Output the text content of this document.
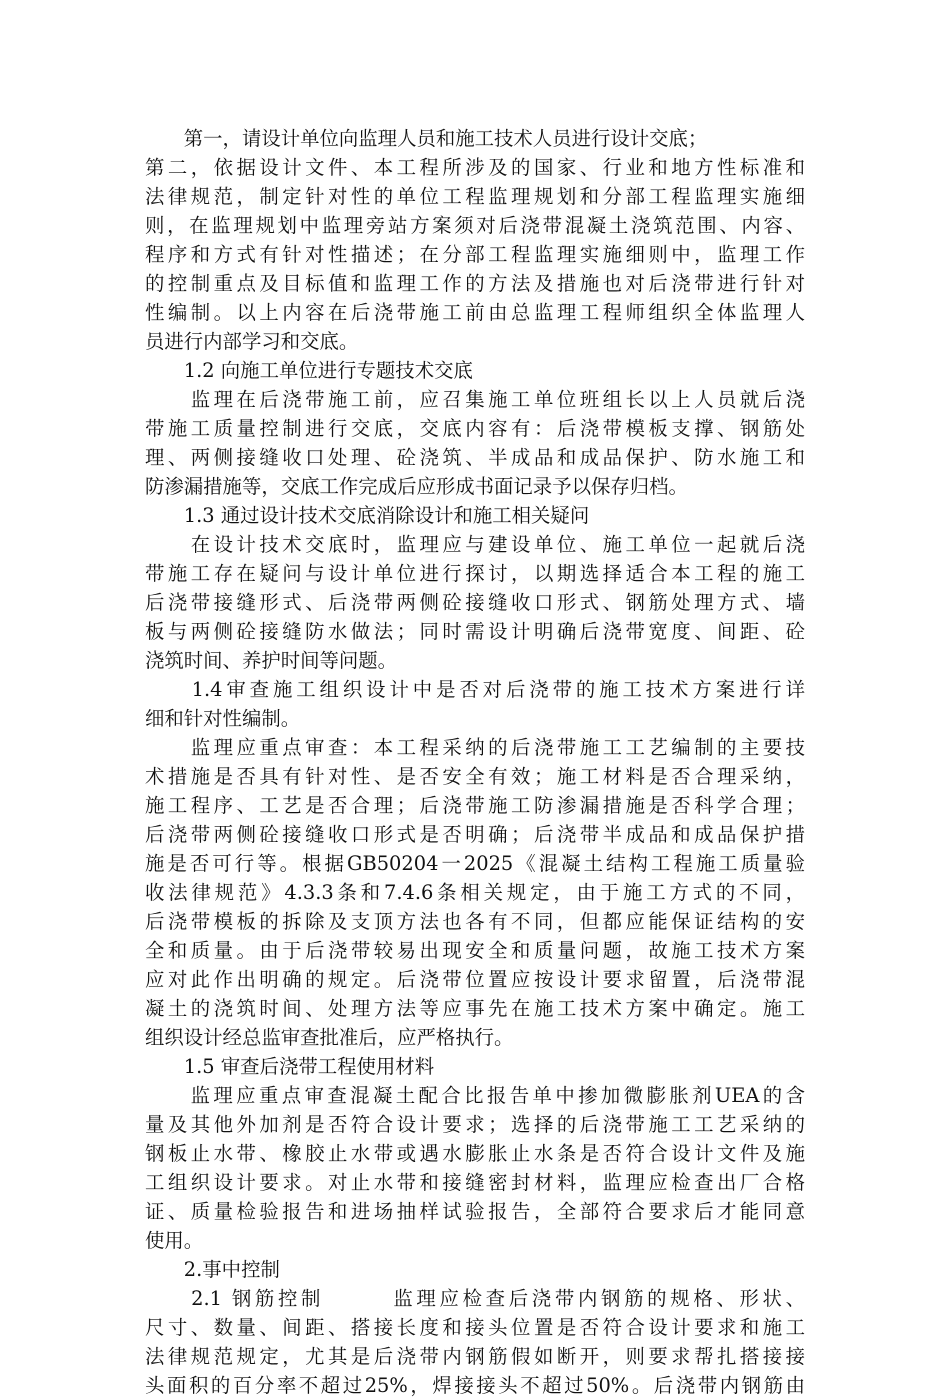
　　第一，请设计单位向监理人员和施工技术人员进行设计交底；
第二，依据设计文件、本工程所涉及的国家、行业和地方性标准和
法律规范，制定针对性的单位工程监理规划和分部工程监理实施细
则，在监理规划中监理旁站方案须对后浇带混凝土浇筑范围、内容、
程序和方式有针对性描述；在分部工程监理实施细则中，监理工作
的控制重点及目标值和监理工作的方法及措施也对后浇带进行针对
性编制。以上内容在后浇带施工前由总监理工程师组织全体监理人
员进行内部学习和交底。
　　1.2 向施工单位进行专题技术交底
　　监理在后浇带施工前，应召集施工单位班组长以上人员就后浇
带施工质量控制进行交底，交底内容有：后浇带模板支撑、钢筋处
理、两侧接缝收口处理、砼浇筑、半成品和成品保护、防水施工和
防渗漏措施等，交底工作完成后应形成书面记录予以保存归档。
　　1.3 通过设计技术交底消除设计和施工相关疑问
　　在设计技术交底时，监理应与建设单位、施工单位一起就后浇
带施工存在疑问与设计单位进行探讨，以期选择适合本工程的施工
后浇带接缝形式、后浇带两侧砼接缝收口形式、钢筋处理方式、墙
板与两侧砼接缝防水做法；同时需设计明确后浇带宽度、间距、砼
浇筑时间、养护时间等问题。
　　1.4审查施工组织设计中是否对后浇带的施工技术方案进行详
细和针对性编制。
　　监理应重点审查：本工程采纳的后浇带施工工艺编制的主要技
术措施是否具有针对性、是否安全有效；施工材料是否合理采纳，
施工程序、工艺是否合理；后浇带施工防渗漏措施是否科学合理；
后浇带两侧砼接缝收口形式是否明确；后浇带半成品和成品保护措
施是否可行等。根据GB50204一2025《混凝土结构工程施工质量验
收法律规范》4.3.3条和7.4.6条相关规定，由于施工方式的不同，
后浇带模板的拆除及支顶方法也各有不同，但都应能保证结构的安
全和质量。由于后浇带较易出现安全和质量问题，故施工技术方案
应对此作出明确的规定。后浇带位置应按设计要求留置，后浇带混
凝土的浇筑时间、处理方法等应事先在施工技术方案中确定。施工
组织设计经总监审查批准后，应严格执行。
　　1.5 审查后浇带工程使用材料
　　监理应重点审查混凝土配合比报告单中掺加微膨胀剂UEA的含
量及其他外加剂是否符合设计要求；选择的后浇带施工工艺采纳的
钢板止水带、橡胶止水带或遇水膨胀止水条是否符合设计文件及施
工组织设计要求。对止水带和接缝密封材料，监理应检查出厂合格
证、质量检验报告和进场抽样试验报告，全部符合要求后才能同意
使用。
　　2.事中控制
　　2.1 钢筋控制　　　监理应检查后浇带内钢筋的规格、形状、
尺寸、数量、间距、搭接长度和接头位置是否符合设计要求和施工
法律规范规定，尤其是后浇带内钢筋假如断开，则要求帮扎搭接接
头面积的百分率不超过25%，焊接接头不超过50%。后浇带内钢筋由
